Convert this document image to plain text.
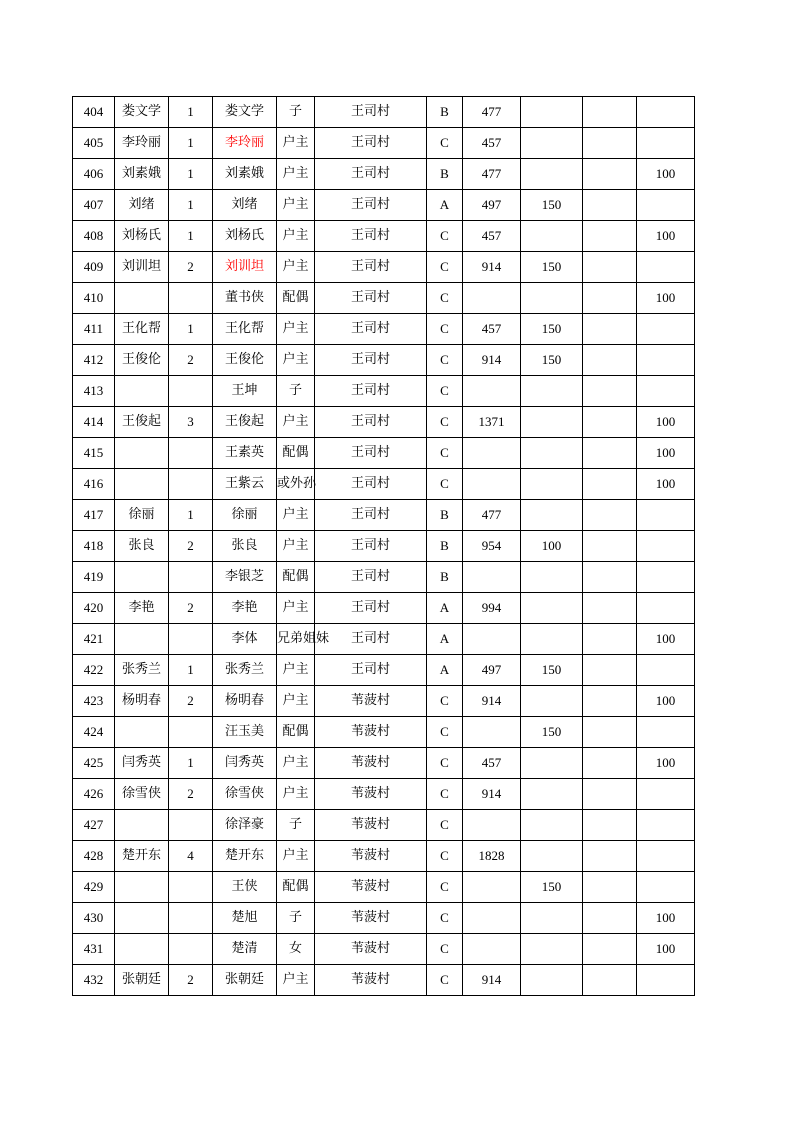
404	娄文学	1	娄文学	子	王司村	B	477			
405	李玲丽	1	李玲丽	户主	王司村	C	457			
406	刘素娥	1	刘素娥	户主	王司村	B	477			100
407	刘绪	1	刘绪	户主	王司村	A	497	150		
408	刘杨氏	1	刘杨氏	户主	王司村	C	457			100
409	刘训坦	2	刘训坦	户主	王司村	C	914	150		
410			董书侠	配偶	王司村	C				100
411	王化帮	1	王化帮	户主	王司村	C	457	150		
412	王俊伦	2	王俊伦	户主	王司村	C	914	150		
413			王坤	子	王司村	C				
414	王俊起	3	王俊起	户主	王司村	C	1371			100
415			王素英	配偶	王司村	C				100
416			王紫云	或外孙	王司村	C				100
417	徐丽	1	徐丽	户主	王司村	B	477			
418	张良	2	张良	户主	王司村	B	954	100		
419			李银芝	配偶	王司村	B				
420	李艳	2	李艳	户主	王司村	A	994			
421			李体	兄弟姐妹	王司村	A				100
422	张秀兰	1	张秀兰	户主	王司村	A	497	150		
423	杨明春	2	杨明春	户主	苇菠村	C	914			100
424			汪玉美	配偶	苇菠村	C		150		
425	闫秀英	1	闫秀英	户主	苇菠村	C	457			100
426	徐雪侠	2	徐雪侠	户主	苇菠村	C	914			
427			徐泽豪	子	苇菠村	C				
428	楚开东	4	楚开东	户主	苇菠村	C	1828			
429			王侠	配偶	苇菠村	C		150		
430			楚旭	子	苇菠村	C				100
431			楚清	女	苇菠村	C				100
432	张朝廷	2	张朝廷	户主	苇菠村	C	914			
